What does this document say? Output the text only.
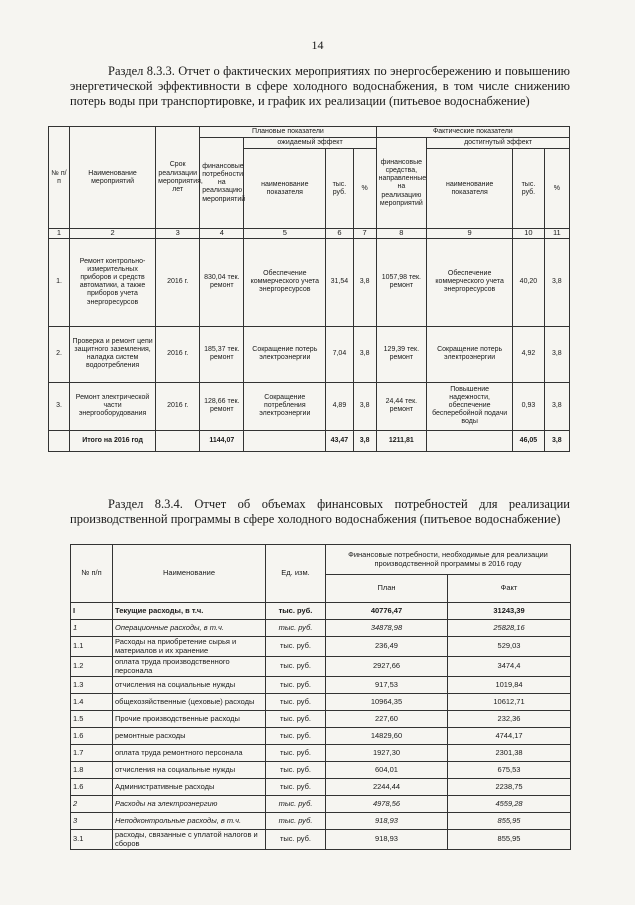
14
Раздел 8.3.3. Отчет о фактических мероприятиях по энергосбережению и повышению энергетической эффективности в сфере холодного водоснабжения, в том числе снижению потерь воды при транспортировке, и график их реализации (питьевое водоснабжение)
№ п/ п	Наименование мероприятий	Срок реализации мероприятия, лет	Плановые показатели				Фактические показатели			
			финансовые потребности на реализацию мероприятий	ожидаемый эффект			финансовые средства, направленные на реализацию мероприятий	достигнутый эффект		
				наименование показателя	тыс. руб.	%		наименование показателя	тыс. руб.	%
1	2	3	4	5	6	7	8	9	10	11
1.	Ремонт контрольно-измерительных приборов и средств автоматики, а также приборов учета энергоресурсов	2016 г.	830,04 тек. ремонт	Обеспечение коммерческого учета энергоресурсов	31,54	3,8	1057,98 тек. ремонт	Обеспечение коммерческого учета энергоресурсов	40,20	3,8
2.	Проверка и ремонт цепи защитного заземления, наладка систем водоотребления	2016 г.	185,37 тек. ремонт	Сокращение потерь электроэнергии	7,04	3,8	129,39 тек. ремонт	Сокращение потерь электроэнергии	4,92	3,8
3.	Ремонт электрической части энергооборудования	2016 г.	128,66 тек. ремонт	Сокращение потребления электроэнергии	4,89	3,8	24,44 тек. ремонт	Повышение надежности, обеспечение бесперебойной подачи воды	0,93	3,8
	Итого на 2016 год		1144,07		43,47	3,8	1211,81		46,05	3,8
Раздел 8.3.4. Отчет об объемах финансовых потребностей для реализации производственной программы в сфере холодного водоснабжения (питьевое водоснабжение)
№ п/п	Наименование	Ед. изм.	Финансовые потребности, необходимые для реализации производственной программы в 2016 году	
			План	Факт
I	Текущие расходы, в т.ч.	тыс. руб.	40776,47	31243,39
1	Операционные расходы, в т.ч.	тыс. руб.	34878,98	25828,16
1.1	Расходы на приобретение сырья и материалов и их хранение	тыс. руб.	236,49	529,03
1.2	оплата труда производственного персонала	тыс. руб.	2927,66	3474,4
1.3	отчисления на социальные нужды	тыс. руб.	917,53	1019,84
1.4	общехозяйственные (цеховые) расходы	тыс. руб.	10964,35	10612,71
1.5	Прочие производственные расходы	тыс. руб.	227,60	232,36
1.6	ремонтные расходы	тыс. руб.	14829,60	4744,17
1.7	оплата труда ремонтного персонала	тыс. руб.	1927,30	2301,38
1.8	отчисления на социальные нужды	тыс. руб.	604,01	675,53
1.6	Административные расходы	тыс. руб.	2244,44	2238,75
2	Расходы на электроэнергию	тыс. руб.	4978,56	4559,28
3	Неподконтрольные расходы, в т.ч.	тыс. руб.	918,93	855,95
3.1	расходы, связанные с уплатой налогов и сборов	тыс. руб.	918,93	855,95
